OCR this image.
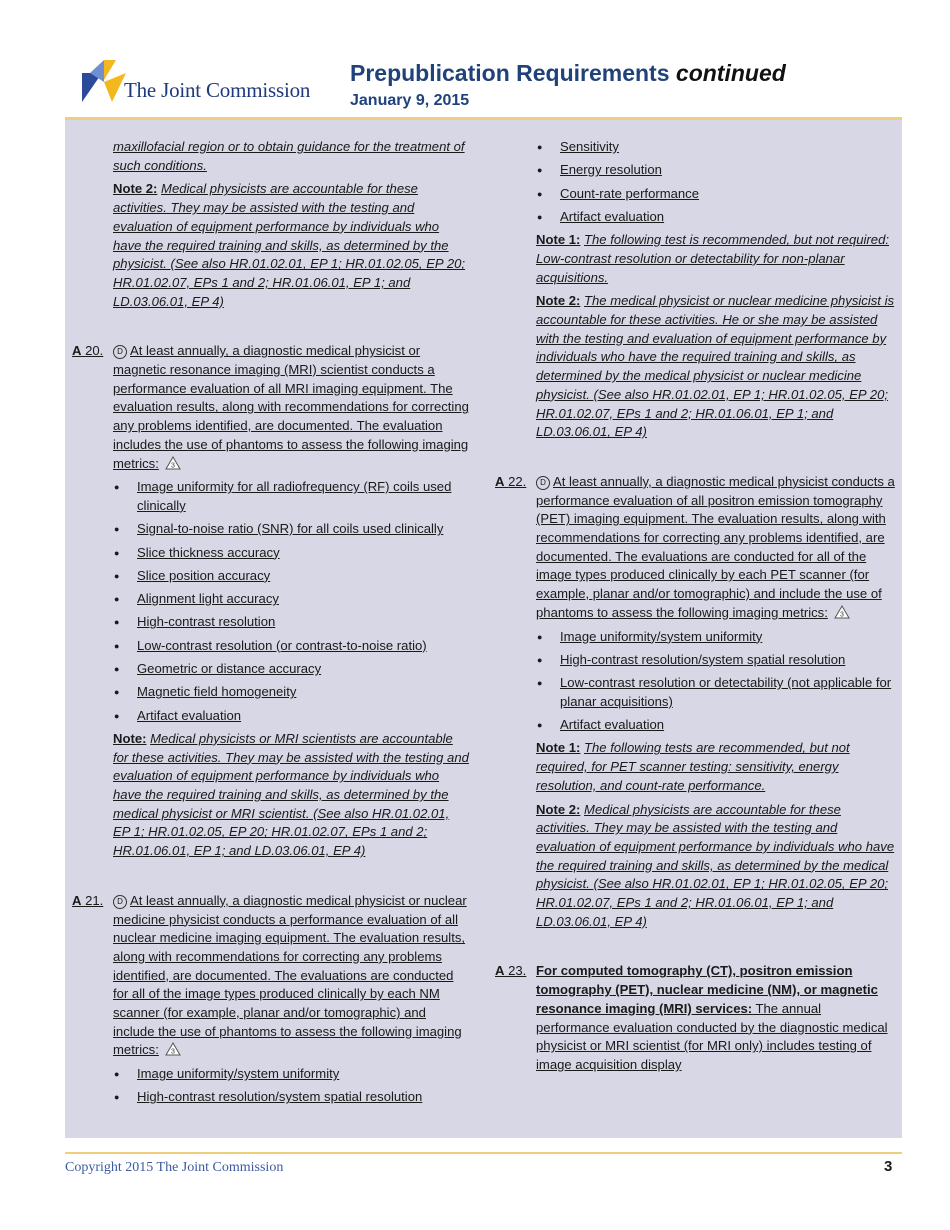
The Joint Commission
Prepublication Requirements continued
January 9, 2015

maxillofacial region or to obtain guidance for the treatment of such conditions.

Note 2: Medical physicists are accountable for these activities. They may be assisted with the testing and evaluation of equipment performance by individuals who have the required training and skills, as determined by the physicist. (See also HR.01.02.01, EP 1; HR.01.02.05, EP 20; HR.01.02.07, EPs 1 and 2; HR.01.06.01, EP 1; and LD.03.06.01, EP 4)

A 20.	D At least annually, a diagnostic medical physicist or magnetic resonance imaging (MRI) scientist conducts a performance evaluation of all MRI imaging equipment. The evaluation results, along with recommendations for correcting any problems identified, are documented. The evaluation includes the use of phantoms to assess the following imaging metrics: 3

● Image uniformity for all radiofrequency (RF) coils used clinically
● Signal-to-noise ratio (SNR) for all coils used clinically
● Slice thickness accuracy
● Slice position accuracy
● Alignment light accuracy
● High-contrast resolution
● Low-contrast resolution (or contrast-to-noise ratio)
● Geometric or distance accuracy
● Magnetic field homogeneity
● Artifact evaluation

Note: Medical physicists or MRI scientists are accountable for these activities. They may be assisted with the testing and evaluation of equipment performance by individuals who have the required training and skills, as determined by the medical physicist or MRI scientist. (See also HR.01.02.01, EP 1; HR.01.02.05, EP 20; HR.01.02.07, EPs 1 and 2; HR.01.06.01, EP 1; and LD.03.06.01, EP 4)

A 21.	D At least annually, a diagnostic medical physicist or nuclear medicine physicist conducts a performance evaluation of all nuclear medicine imaging equipment. The evaluation results, along with recommendations for correcting any problems identified, are documented. The evaluations are conducted for all of the image types produced clinically by each NM scanner (for example, planar and/or tomographic) and include the use of phantoms to assess the following imaging metrics: 3

● Image uniformity/system uniformity
● High-contrast resolution/system spatial resolution
● Sensitivity
● Energy resolution
● Count-rate performance
● Artifact evaluation

Note 1: The following test is recommended, but not required: Low-contrast resolution or detectability for non-planar acquisitions.

Note 2: The medical physicist or nuclear medicine physicist is accountable for these activities. He or she may be assisted with the testing and evaluation of equipment performance by individuals who have the required training and skills, as determined by the medical physicist or nuclear medicine physicist. (See also HR.01.02.01, EP 1; HR.01.02.05, EP 20; HR.01.02.07, EPs 1 and 2; HR.01.06.01, EP 1; and LD.03.06.01, EP 4)

A 22.	D At least annually, a diagnostic medical physicist conducts a performance evaluation of all positron emission tomography (PET) imaging equipment. The evaluation results, along with recommendations for correcting any problems identified, are documented. The evaluations are conducted for all of the image types produced clinically by each PET scanner (for example, planar and/or tomographic) and include the use of phantoms to assess the following imaging metrics: 3

● Image uniformity/system uniformity
● High-contrast resolution/system spatial resolution
● Low-contrast resolution or detectability (not applicable for planar acquisitions)
● Artifact evaluation

Note 1: The following tests are recommended, but not required, for PET scanner testing: sensitivity, energy resolution, and count-rate performance.

Note 2: Medical physicists are accountable for these activities. They may be assisted with the testing and evaluation of equipment performance by individuals who have the required training and skills, as determined by the medical physicist. (See also HR.01.02.01, EP 1; HR.01.02.05, EP 20; HR.01.02.07, EPs 1 and 2; HR.01.06.01, EP 1; and LD.03.06.01, EP 4)

A 23. For computed tomography (CT), positron emission tomography (PET), nuclear medicine (NM), or magnetic resonance imaging (MRI) services: The annual performance evaluation conducted by the diagnostic medical physicist or MRI scientist (for MRI only) includes testing of image acquisition display

Copyright 2015 The Joint Commission	3
